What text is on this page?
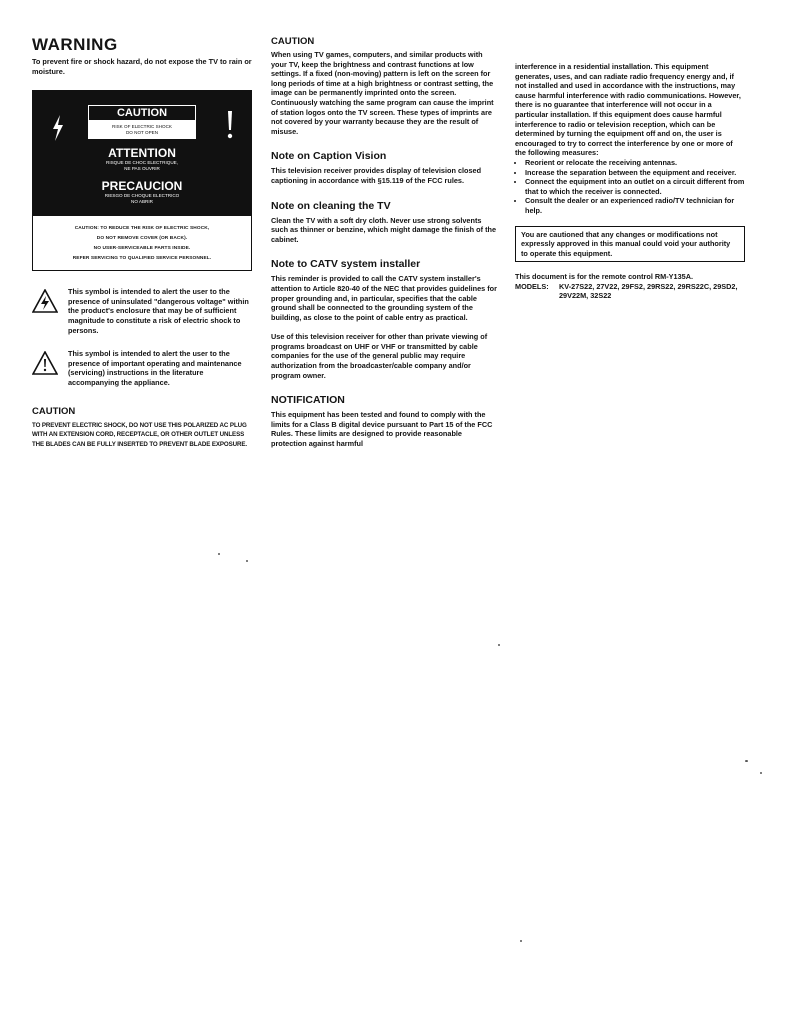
WARNING

To prevent fire or shock hazard, do not expose the TV to rain or moisture.

CAUTION
RISK OF ELECTRIC SHOCK
DO NOT OPEN
ATTENTION
RISQUE DE CHOC ELECTRIQUE,
NE PAS OUVRIR
PRECAUCION
RIESGO DE CHOQUE ELECTRICO
NO ABRIR
CAUTION: TO REDUCE THE RISK OF ELECTRIC SHOCK,
DO NOT REMOVE COVER (OR BACK).
NO USER-SERVICEABLE PARTS INSIDE.
REFER SERVICING TO QUALIFIED SERVICE PERSONNEL.

This symbol is intended to alert the user to the presence of uninsulated "dangerous voltage" within the product's enclosure that may be of sufficient magnitude to constitute a risk of electric shock to persons.

This symbol is intended to alert the user to the presence of important operating and maintenance (servicing) instructions in the literature accompanying the appliance.

CAUTION

TO PREVENT ELECTRIC SHOCK, DO NOT USE THIS POLARIZED AC PLUG WITH AN EXTENSION CORD, RECEPTACLE, OR OTHER OUTLET UNLESS THE BLADES CAN BE FULLY INSERTED TO PREVENT BLADE EXPOSURE.

CAUTION

When using TV games, computers, and similar products with your TV, keep the brightness and contrast functions at low settings. If a fixed (non-moving) pattern is left on the screen for long periods of time at a high brightness or contrast setting, the image can be permanently imprinted onto the screen. Continuously watching the same program can cause the imprint of station logos onto the TV screen. These types of imprints are not covered by your warranty because they are the result of misuse.

Note on Caption Vision

This television receiver provides display of television closed captioning in accordance with §15.119 of the FCC rules.

Note on cleaning the TV

Clean the TV with a soft dry cloth. Never use strong solvents such as thinner or benzine, which might damage the finish of the cabinet.

Note to CATV system installer

This reminder is provided to call the CATV system installer's attention to Article 820-40 of the NEC that provides guidelines for proper grounding and, in particular, specifies that the cable ground shall be connected to the grounding system of the building, as close to the point of cable entry as practical.

Use of this television receiver for other than private viewing of programs broadcast on UHF or VHF or transmitted by cable companies for the use of the general public may require authorization from the broadcaster/cable company and/or program owner.

NOTIFICATION

This equipment has been tested and found to comply with the limits for a Class B digital device pursuant to Part 15 of the FCC Rules. These limits are designed to provide reasonable protection against harmful

interference in a residential installation. This equipment generates, uses, and can radiate radio frequency energy and, if not installed and used in accordance with the instructions, may cause harmful interference with radio communications. However, there is no guarantee that interference will not occur in a particular installation. If this equipment does cause harmful interference to radio or television reception, which can be determined by turning the equipment off and on, the user is encouraged to try to correct the interference by one or more of the following measures:

• Reorient or relocate the receiving antennas.
• Increase the separation between the equipment and receiver.
• Connect the equipment into an outlet on a circuit different from that to which the receiver is connected.
• Consult the dealer or an experienced radio/TV technician for help.

You are cautioned that any changes or modifications not expressly approved in this manual could void your authority to operate this equipment.

This document is for the remote control RM-Y135A.

MODELS:	KV-27S22, 27V22, 29FS2, 29RS22, 29RS22C, 29SD2, 29V22M, 32S22
